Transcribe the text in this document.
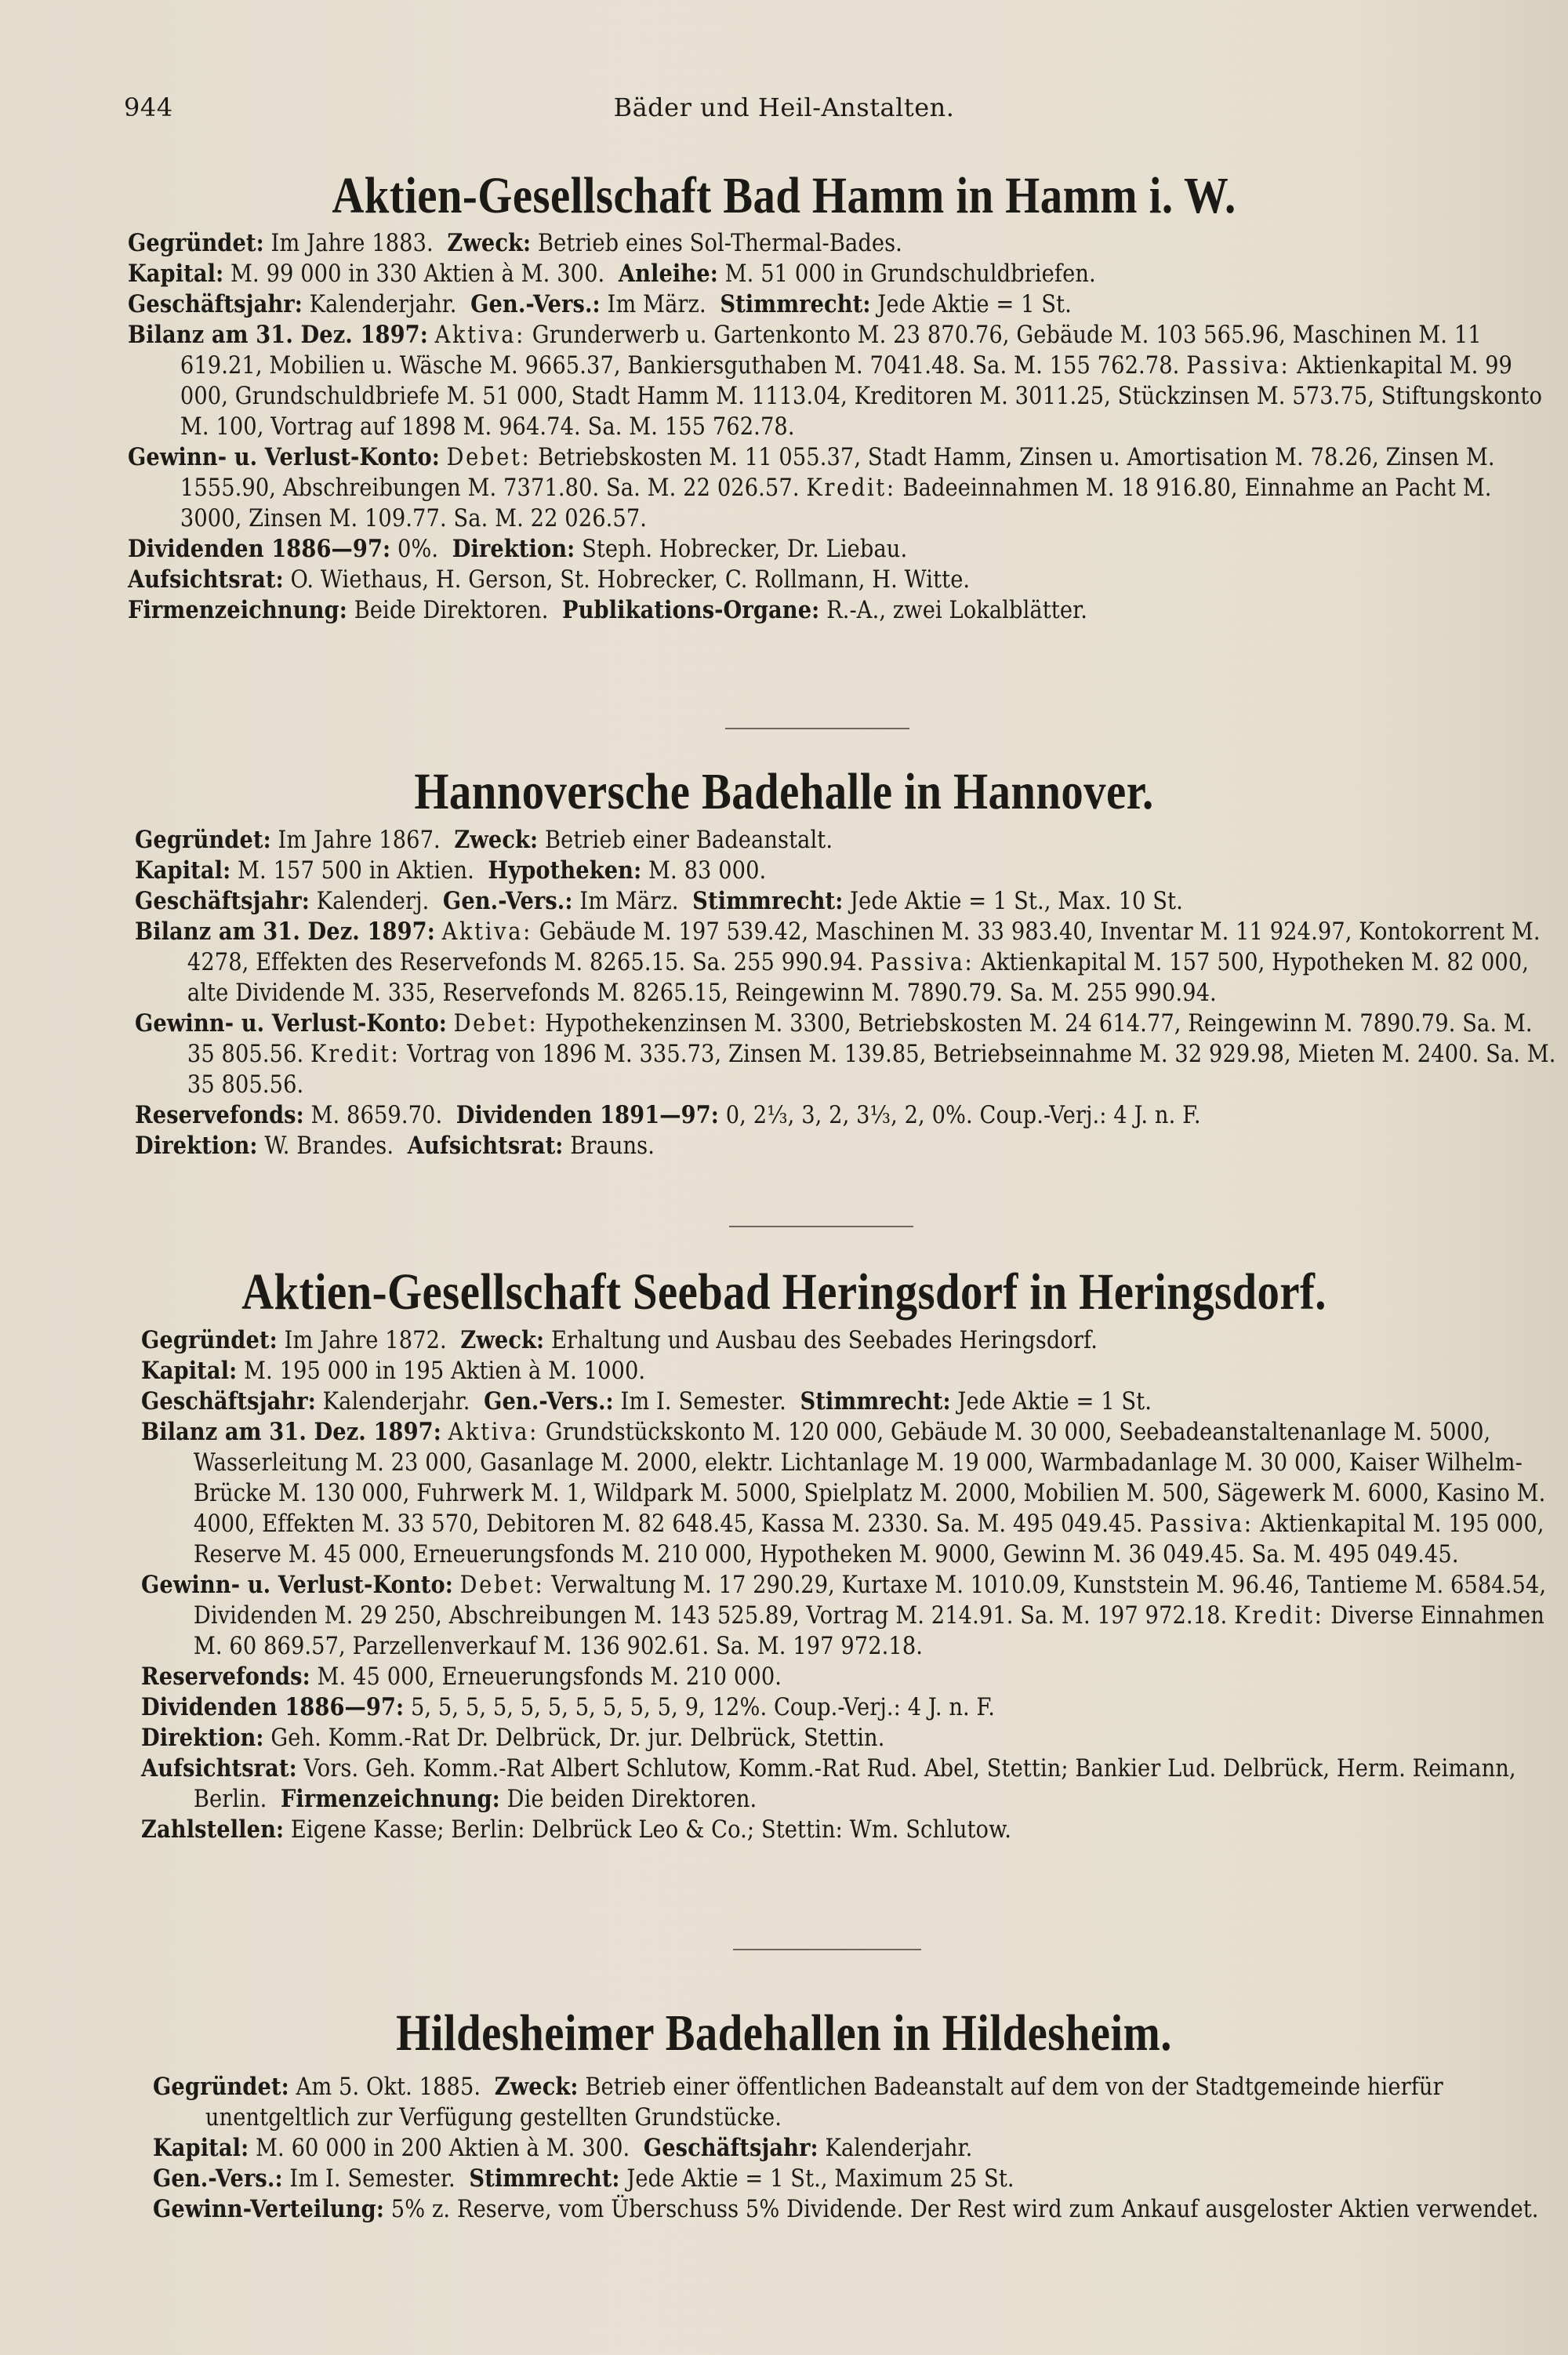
944	Bäder und Heil-Anstalten.
Aktien-Gesellschaft Bad Hamm in Hamm i. W.
Gegründet: Im Jahre 1883. Zweck: Betrieb eines Sol-Thermal-Bades.
Kapital: M. 99 000 in 330 Aktien à M. 300. Anleihe: M. 51 000 in Grundschuldbriefen.
Geschäftsjahr: Kalenderjahr. Gen.-Vers.: Im März. Stimmrecht: Jede Aktie = 1 St.
Bilanz am 31. Dez. 1897: Aktiva: Grunderwerb u. Gartenkonto M. 23 870.76, Gebäude M. 103 565.96, Maschinen M. 11 619.21, Mobilien u. Wäsche M. 9665.37, Bankiersguthaben M. 7041.48. Sa. M. 155 762.78. Passiva: Aktienkapital M. 99 000, Grundschuldbriefe M. 51 000, Stadt Hamm M. 1113.04, Kreditoren M. 3011.25, Stückzinsen M. 573.75, Stiftungskonto M. 100, Vortrag auf 1898 M. 964.74. Sa. M. 155 762.78.
Gewinn- u. Verlust-Konto: Debet: Betriebskosten M. 11 055.37, Stadt Hamm, Zinsen u. Amortisation M. 78.26, Zinsen M. 1555.90, Abschreibungen M. 7371.80. Sa. M. 22 026.57. Kredit: Badeeinnahmen M. 18 916.80, Einnahme an Pacht M. 3000, Zinsen M. 109.77. Sa. M. 22 026.57.
Dividenden 1886—97: 0%. Direktion: Steph. Hobrecker, Dr. Liebau.
Aufsichtsrat: O. Wiethaus, H. Gerson, St. Hobrecker, C. Rollmann, H. Witte.
Firmenzeichnung: Beide Direktoren. Publikations-Organe: R.-A., zwei Lokalblätter.
Hannoversche Badehalle in Hannover.
Gegründet: Im Jahre 1867. Zweck: Betrieb einer Badeanstalt.
Kapital: M. 157 500 in Aktien. Hypotheken: M. 83 000.
Geschäftsjahr: Kalenderj. Gen.-Vers.: Im März. Stimmrecht: Jede Aktie = 1 St., Max. 10 St.
Bilanz am 31. Dez. 1897: Aktiva: Gebäude M. 197 539.42, Maschinen M. 33 983.40, Inventar M. 11 924.97, Kontokorrent M. 4278, Effekten des Reservefonds M. 8265.15. Sa. 255 990.94. Passiva: Aktienkapital M. 157 500, Hypotheken M. 82 000, alte Dividende M. 335, Reservefonds M. 8265.15, Reingewinn M. 7890.79. Sa. M. 255 990.94.
Gewinn- u. Verlust-Konto: Debet: Hypothekenzinsen M. 3300, Betriebskosten M. 24 614.77, Reingewinn M. 7890.79. Sa. M. 35 805.56. Kredit: Vortrag von 1896 M. 335.73, Zinsen M. 139.85, Betriebseinnahme M. 32 929.98, Mieten M. 2400. Sa. M. 35 805.56.
Reservefonds: M. 8659.70. Dividenden 1891—97: 0, 2⅓, 3, 2, 3⅓, 2, 0%. Coup.-Verj.: 4 J. n. F.
Direktion: W. Brandes. Aufsichtsrat: Brauns.
Aktien-Gesellschaft Seebad Heringsdorf in Heringsdorf.
Gegründet: Im Jahre 1872. Zweck: Erhaltung und Ausbau des Seebades Heringsdorf.
Kapital: M. 195 000 in 195 Aktien à M. 1000.
Geschäftsjahr: Kalenderjahr. Gen.-Vers.: Im I. Semester. Stimmrecht: Jede Aktie = 1 St.
Bilanz am 31. Dez. 1897: Aktiva: Grundstückskonto M. 120 000, Gebäude M. 30 000, Seebadeanstaltenanlage M. 5000, Wasserleitung M. 23 000, Gasanlage M. 2000, elektr. Lichtanlage M. 19 000, Warmbadanlage M. 30 000, Kaiser Wilhelm-Brücke M. 130 000, Fuhrwerk M. 1, Wildpark M. 5000, Spielplatz M. 2000, Mobilien M. 500, Sägewerk M. 6000, Kasino M. 4000, Effekten M. 33 570, Debitoren M. 82 648.45, Kassa M. 2330. Sa. M. 495 049.45. Passiva: Aktienkapital M. 195 000, Reserve M. 45 000, Erneuerungsfonds M. 210 000, Hypotheken M. 9000, Gewinn M. 36 049.45. Sa. M. 495 049.45.
Gewinn- u. Verlust-Konto: Debet: Verwaltung M. 17 290.29, Kurtaxe M. 1010.09, Kunststein M. 96.46, Tantieme M. 6584.54, Dividenden M. 29 250, Abschreibungen M. 143 525.89, Vortrag M. 214.91. Sa. M. 197 972.18. Kredit: Diverse Einnahmen M. 60 869.57, Parzellenverkauf M. 136 902.61. Sa. M. 197 972.18.
Reservefonds: M. 45 000, Erneuerungsfonds M. 210 000.
Dividenden 1886—97: 5, 5, 5, 5, 5, 5, 5, 5, 5, 5, 9, 12%. Coup.-Verj.: 4 J. n. F.
Direktion: Geh. Komm.-Rat Dr. Delbrück, Dr. jur. Delbrück, Stettin.
Aufsichtsrat: Vors. Geh. Komm.-Rat Albert Schlutow, Komm.-Rat Rud. Abel, Stettin; Bankier Lud. Delbrück, Herm. Reimann, Berlin. Firmenzeichnung: Die beiden Direktoren.
Zahlstellen: Eigene Kasse; Berlin: Delbrück Leo & Co.; Stettin: Wm. Schlutow.
Hildesheimer Badehallen in Hildesheim.
Gegründet: Am 5. Okt. 1885. Zweck: Betrieb einer öffentlichen Badeanstalt auf dem von der Stadtgemeinde hierfür unentgeltlich zur Verfügung gestellten Grundstücke.
Kapital: M. 60 000 in 200 Aktien à M. 300. Geschäftsjahr: Kalenderjahr.
Gen.-Vers.: Im I. Semester. Stimmrecht: Jede Aktie = 1 St., Maximum 25 St.
Gewinn-Verteilung: 5% z. Reserve, vom Überschuss 5% Dividende. Der Rest wird zum Ankauf ausgeloster Aktien verwendet.
